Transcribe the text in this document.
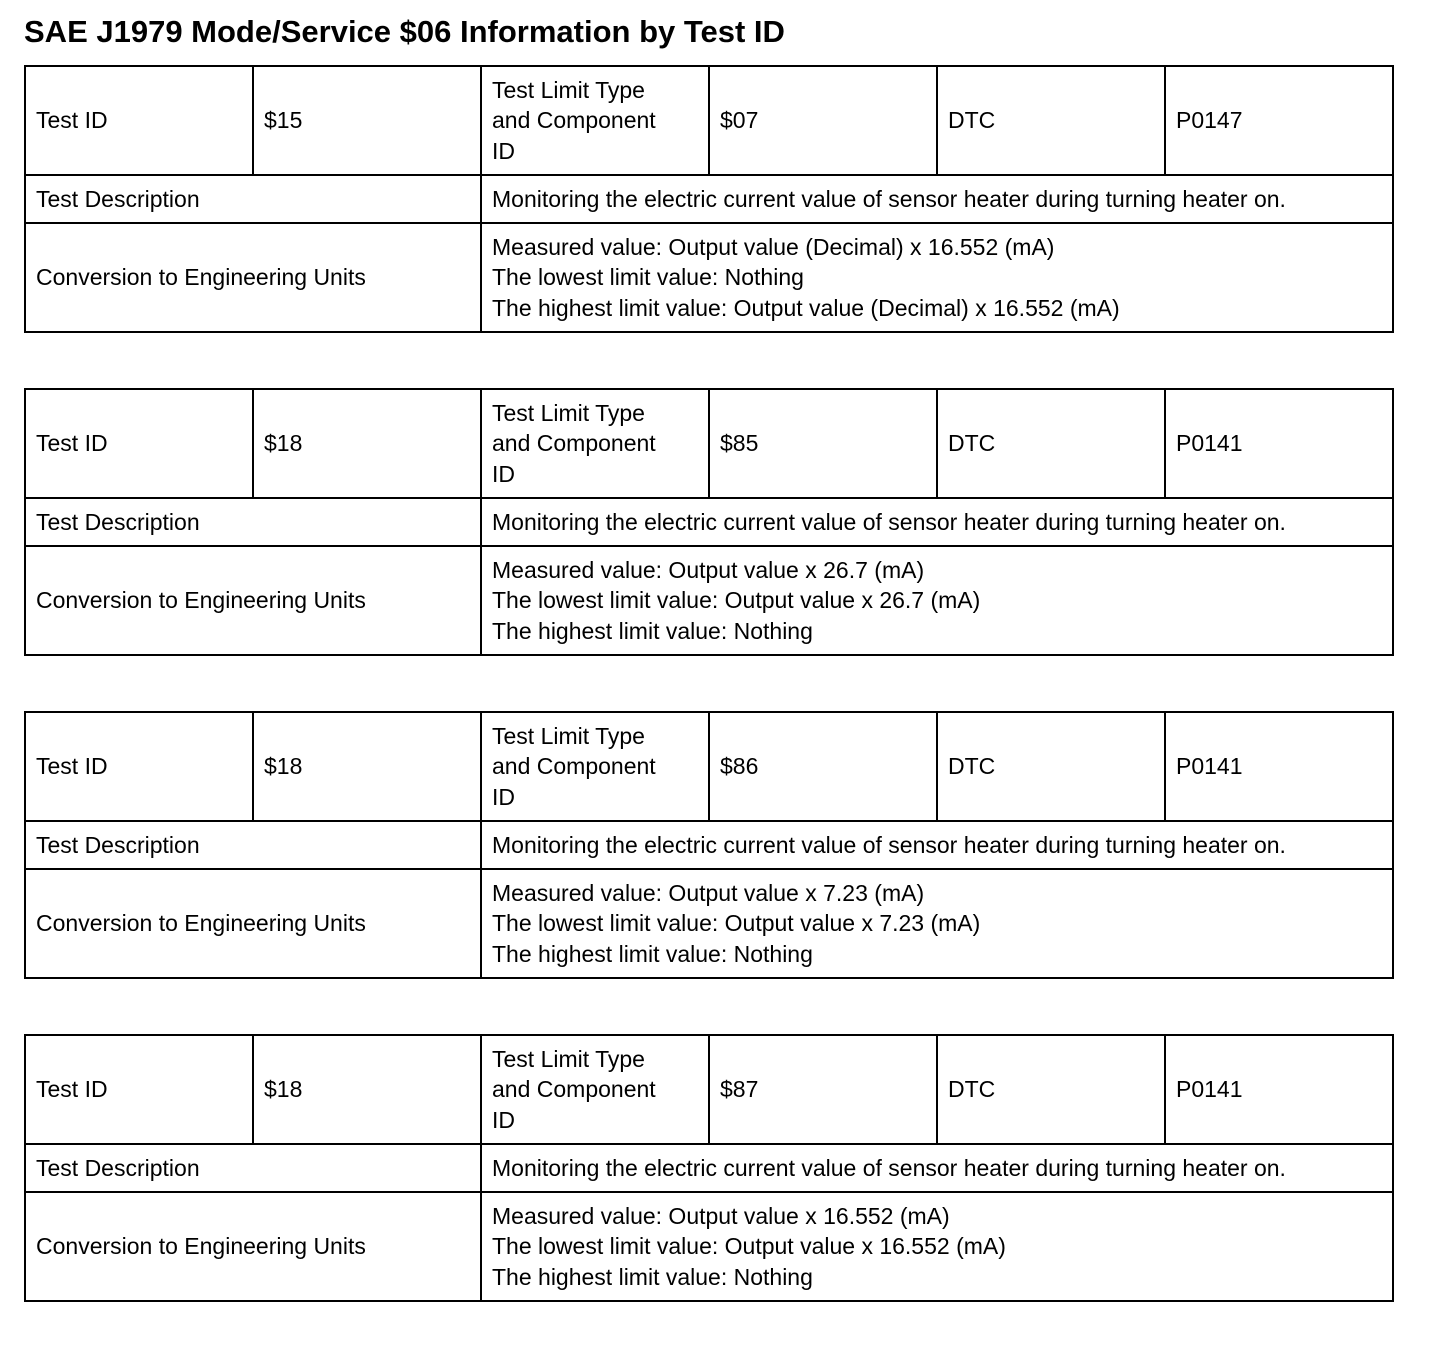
SAE J1979 Mode/Service $06 Information by Test ID
Test ID	$15	Test Limit Type
and Component
ID	$07	DTC	P0147
Test Description		Monitoring the electric current value of sensor heater during turning heater on.			
Conversion to Engineering Units		Measured value: Output value (Decimal) x 16.552 (mA)
The lowest limit value: Nothing
The highest limit value: Output value (Decimal) x 16.552 (mA)			
Test ID	$18	Test Limit Type
and Component
ID	$85	DTC	P0141
Test Description		Monitoring the electric current value of sensor heater during turning heater on.			
Conversion to Engineering Units		Measured value: Output value x 26.7 (mA)
The lowest limit value: Output value x 26.7 (mA)
The highest limit value: Nothing			
Test ID	$18	Test Limit Type
and Component
ID	$86	DTC	P0141
Test Description		Monitoring the electric current value of sensor heater during turning heater on.			
Conversion to Engineering Units		Measured value: Output value x 7.23 (mA)
The lowest limit value: Output value x 7.23 (mA)
The highest limit value: Nothing			
Test ID	$18	Test Limit Type
and Component
ID	$87	DTC	P0141
Test Description		Monitoring the electric current value of sensor heater during turning heater on.			
Conversion to Engineering Units		Measured value: Output value x 16.552 (mA)
The lowest limit value: Output value x 16.552 (mA)
The highest limit value: Nothing			
